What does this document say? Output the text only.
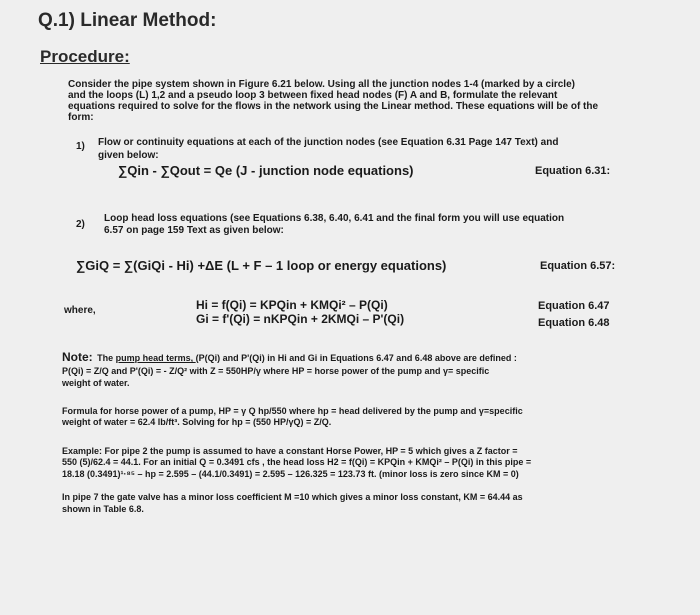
Q.1) Linear Method:
Procedure:
Consider the pipe system shown in Figure 6.21 below. Using all the junction nodes 1-4 (marked by a circle)
and the loops (L) 1,2 and a pseudo loop 3 between fixed head nodes (F) A and B, formulate the relevant
equations required to solve for the flows in the network using the Linear method. These equations will be of the
form:
1) Flow or continuity equations at each of the junction nodes (see Equation 6.31 Page 147 Text) and
given below:
∑Qin - ∑Qout = Qe (J - junction node equations)	Equation 6.31:
2)
Loop head loss equations (see Equations 6.38, 6.40, 6.41 and the final form you will use equation
6.57 on page 159 Text as given below:
∑GiQ = ∑(GiQi - Hi) +ΔE (L + F – 1 loop or energy equations)	Equation 6.57:
where,	Hi = f(Qi) = KPQin + KMQi² – P(Qi)
Gi = f'(Qi) = nKPQin + 2KMQi – P'(Qi)
Equation 6.47
Equation 6.48
Note: The pump head terms, (P(Qi) and P'(Qi) in Hi and Gi in Equations 6.47 and 6.48 above are defined :
P(Qi) = Z/Q and P'(Qi) = - Z/Q² with Z = 550HP/γ where HP = horse power of the pump and γ= specific
weight of water.
Formula for horse power of a pump, HP = γ Q hp/550 where hp = head delivered by the pump and γ=specific
weight of water = 62.4 lb/ft³. Solving for hp = (550 HP/γQ) = Z/Q.
Example: For pipe 2 the pump is assumed to have a constant Horse Power, HP = 5 which gives a Z factor =
550 (5)/62.4 = 44.1. For an initial Q = 0.3491 cfs , the head loss H2 = f(Qi) = KPQin + KMQi² – P(Qi) in this pipe =
18.18 (0.3491)¹·⁸⁵ – hp = 2.595 – (44.1/0.3491) = 2.595 – 126.325 = 123.73 ft. (minor loss is zero since KM = 0)
In pipe 7 the gate valve has a minor loss coefficient M =10 which gives a minor loss constant, KM = 64.44 as
shown in Table 6.8.
